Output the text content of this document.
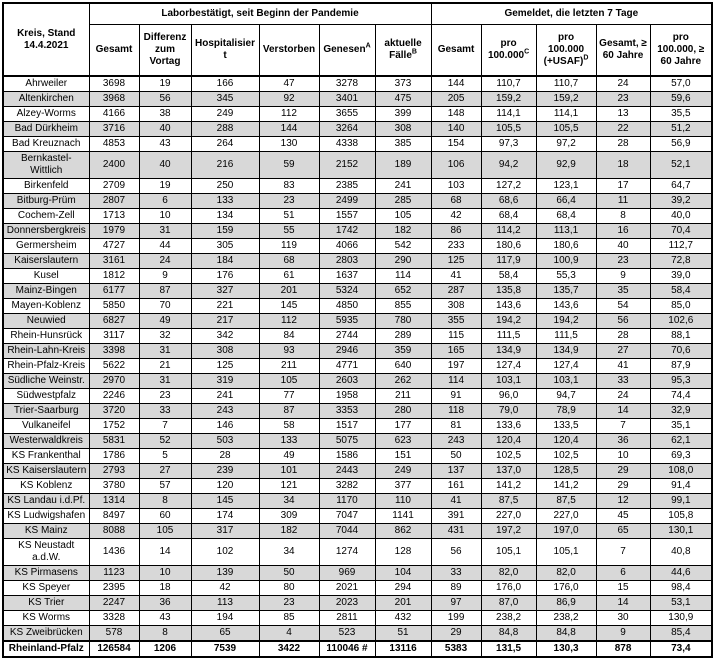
Kreis, Stand 14.4.2021	Laborbestätigt, seit Beginn der Pandemie						Gemeldet, die letzten 7 Tage				
	Gesamt	Differenz zum Vortag	Hospitalisiert	Verstorben	Genesen$^A$	aktuelle Fälle$^B$	Gesamt	pro $100.000^C$	pro 100.000 (+USAF)$^D$	Gesamt, ≥ 60 Jahre	pro 100.000, ≥ 60 Jahre
Ahrweiler	3698	19	166	47	3278	373	144	110,7	110,7	24	57,0
Altenkirchen	3968	56	345	92	3401	475	205	159,2	159,2	23	59,6
Alzey-Worms	4166	38	249	112	3655	399	148	114,1	114,1	13	35,5
Bad Dürkheim	3716	40	288	144	3264	308	140	105,5	105,5	22	51,2
Bad Kreuznach	4853	43	264	130	4338	385	154	97,3	97,2	28	56,9
Bernkastel-Wittlich	2400	40	216	59	2152	189	106	94,2	92,9	18	52,1
Birkenfeld	2709	19	250	83	2385	241	103	127,2	123,1	17	64,7
Bitburg-Prüm	2807	6	133	23	2499	285	68	68,6	66,4	11	39,2
Cochem-Zell	1713	10	134	51	1557	105	42	68,4	68,4	8	40,0
Donnersbergkreis	1979	31	159	55	1742	182	86	114,2	113,1	16	70,4
Germersheim	4727	44	305	119	4066	542	233	180,6	180,6	40	112,7
Kaiserslautern	3161	24	184	68	2803	290	125	117,9	100,9	23	72,8
Kusel	1812	9	176	61	1637	114	41	58,4	55,3	9	39,0
Mainz-Bingen	6177	87	327	201	5324	652	287	135,8	135,7	35	58,4
Mayen-Koblenz	5850	70	221	145	4850	855	308	143,6	143,6	54	85,0
Neuwied	6827	49	217	112	5935	780	355	194,2	194,2	56	102,6
Rhein-Hunsrück	3117	32	342	84	2744	289	115	111,5	111,5	28	88,1
Rhein-Lahn-Kreis	3398	31	308	93	2946	359	165	134,9	134,9	27	70,6
Rhein-Pfalz-Kreis	5622	21	125	211	4771	640	197	127,4	127,4	41	87,9
Südliche Weinstr.	2970	31	319	105	2603	262	114	103,1	103,1	33	95,3
Südwestpfalz	2246	23	241	77	1958	211	91	96,0	94,7	24	74,4
Trier-Saarburg	3720	33	243	87	3353	280	118	79,0	78,9	14	32,9
Vulkaneifel	1752	7	146	58	1517	177	81	133,6	133,5	7	35,1
Westerwaldkreis	5831	52	503	133	5075	623	243	120,4	120,4	36	62,1
KS Frankenthal	1786	5	28	49	1586	151	50	102,5	102,5	10	69,3
KS Kaiserslautern	2793	27	239	101	2443	249	137	137,0	128,5	29	108,0
KS Koblenz	3780	57	120	121	3282	377	161	141,2	141,2	29	91,4
KS Landau i.d.Pf.	1314	8	145	34	1170	110	41	87,5	87,5	12	99,1
KS Ludwigshafen	8497	60	174	309	7047	1141	391	227,0	227,0	45	105,8
KS Mainz	8088	105	317	182	7044	862	431	197,2	197,0	65	130,1
KS Neustadt a.d.W.	1436	14	102	34	1274	128	56	105,1	105,1	7	40,8
KS Pirmasens	1123	10	139	50	969	104	33	82,0	82,0	6	44,6
KS Speyer	2395	18	42	80	2021	294	89	176,0	176,0	15	98,4
KS Trier	2247	36	113	23	2023	201	97	87,0	86,9	14	53,1
KS Worms	3328	43	194	85	2811	432	199	238,2	238,2	30	130,9
KS Zweibrücken	578	8	65	4	523	51	29	84,8	84,8	9	85,4
Rheinland-Pfalz	126584	1206	7539	3422	110046 #	13116	5383	131,5	130,3	878	73,4
